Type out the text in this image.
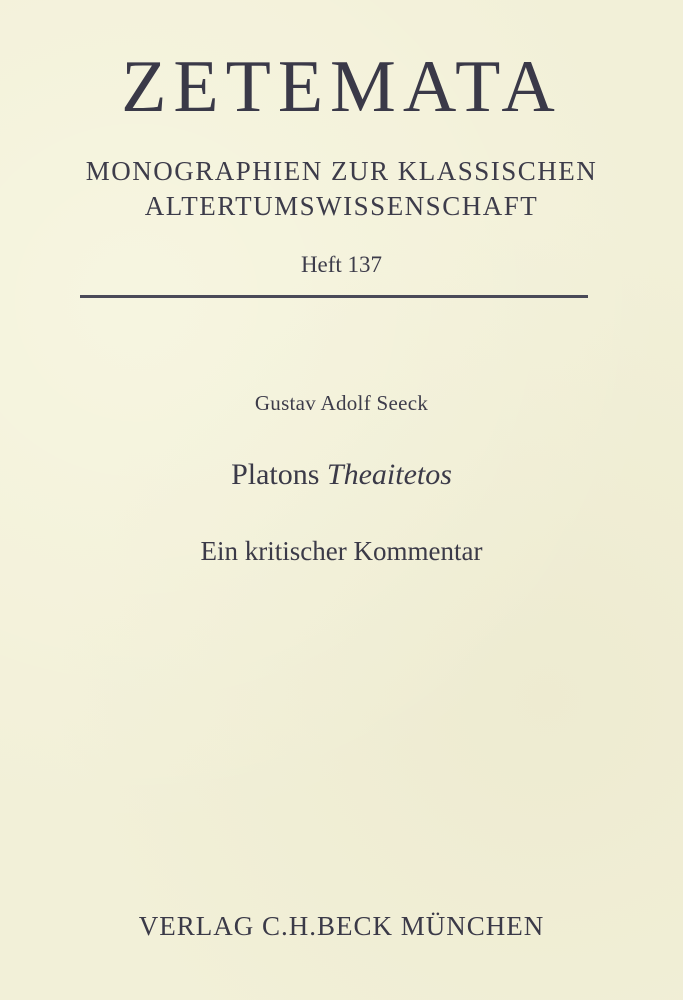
ZETEMATA
MONOGRAPHIEN ZUR KLASSISCHEN
ALTERTUMSWISSENSCHAFT
Heft 137
Gustav Adolf Seeck
Platons Theaitetos
Ein kritischer Kommentar
VERLAG C.H.BECK MÜNCHEN
